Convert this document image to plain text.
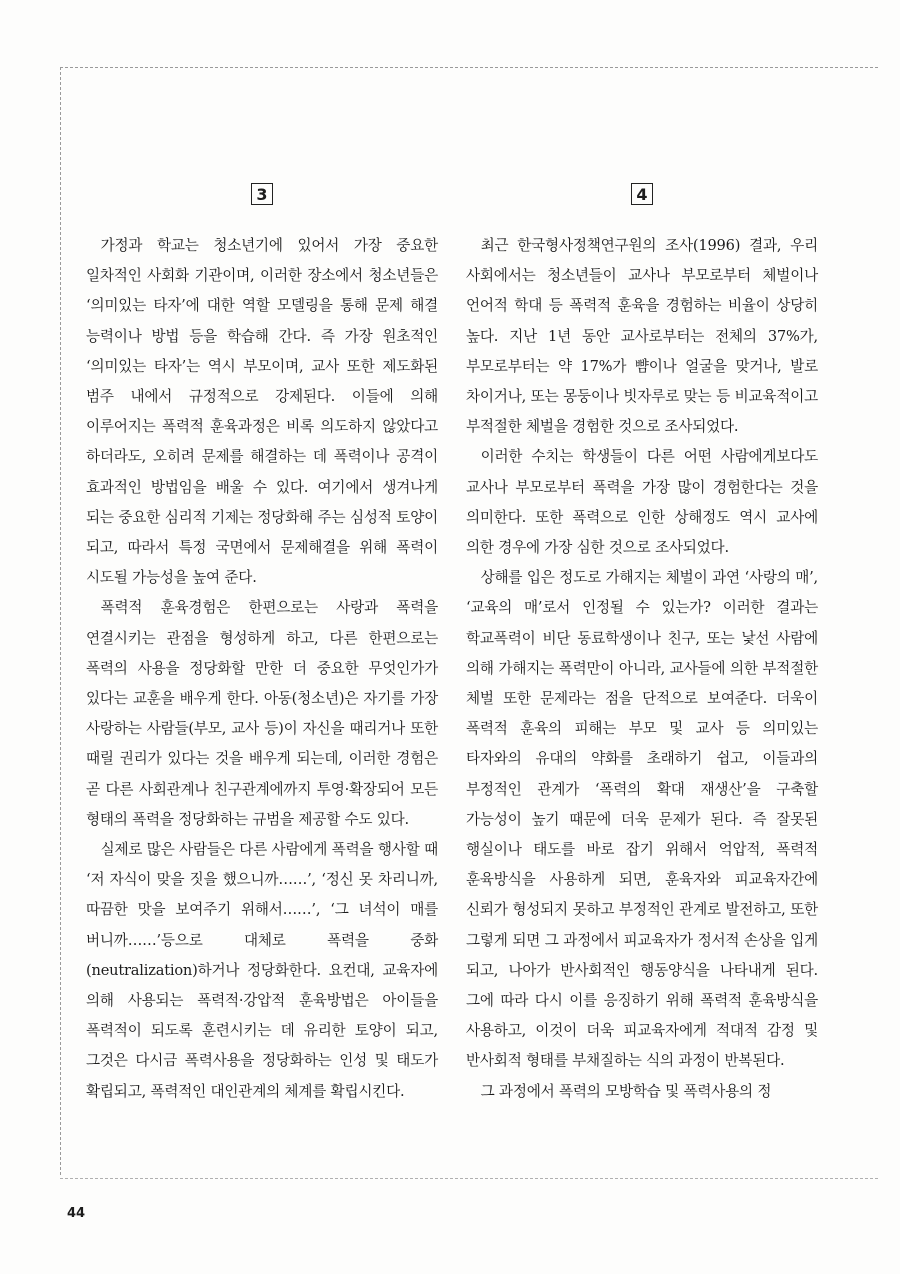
3

가정과 학교는 청소년기에 있어서 가장 중요한 일차적인 사회화 기관이며, 이러한 장소에서 청소년들은 ‘의미있는 타자’에 대한 역할 모델링을 통해 문제 해결 능력이나 방법 등을 학습해 간다. 즉 가장 원초적인 ‘의미있는 타자’는 역시 부모이며, 교사 또한 제도화된 범주 내에서 규정적으로 강제된다. 이들에 의해 이루어지는 폭력적 훈육과정은 비록 의도하지 않았다고 하더라도, 오히려 문제를 해결하는 데 폭력이나 공격이 효과적인 방법임을 배울 수 있다. 여기에서 생겨나게 되는 중요한 심리적 기제는 정당화해 주는 심성적 토양이 되고, 따라서 특정 국면에서 문제해결을 위해 폭력이 시도될 가능성을 높여 준다.

폭력적 훈육경험은 한편으로는 사랑과 폭력을 연결시키는 관점을 형성하게 하고, 다른 한편으로는 폭력의 사용을 정당화할 만한 더 중요한 무엇인가가 있다는 교훈을 배우게 한다. 아동(청소년)은 자기를 가장 사랑하는 사람들(부모, 교사 등)이 자신을 때리거나 또한 때릴 권리가 있다는 것을 배우게 되는데, 이러한 경험은 곧 다른 사회관계나 친구관계에까지 투영·확장되어 모든 형태의 폭력을 정당화하는 규범을 제공할 수도 있다.

실제로 많은 사람들은 다른 사람에게 폭력을 행사할 때 ‘저 자식이 맞을 짓을 했으니까……’, ‘정신 못 차리니까, 따끔한 맛을 보여주기 위해서……’, ‘그 녀석이 매를 버니까……’등으로 대체로 폭력을 중화(neutralization)하거나 정당화한다. 요컨대, 교육자에 의해 사용되는 폭력적·강압적 훈육방법은 아이들을 폭력적이 되도록 훈련시키는 데 유리한 토양이 되고, 그것은 다시금 폭력사용을 정당화하는 인성 및 태도가 확립되고, 폭력적인 대인관계의 체계를 확립시킨다.

4

최근 한국형사정책연구원의 조사(1996) 결과, 우리 사회에서는 청소년들이 교사나 부모로부터 체벌이나 언어적 학대 등 폭력적 훈육을 경험하는 비율이 상당히 높다. 지난 1년 동안 교사로부터는 전체의 37%가, 부모로부터는 약 17%가 뺨이나 얼굴을 맞거나, 발로 차이거나, 또는 몽둥이나 빗자루로 맞는 등 비교육적이고 부적절한 체벌을 경험한 것으로 조사되었다.

이러한 수치는 학생들이 다른 어떤 사람에게보다도 교사나 부모로부터 폭력을 가장 많이 경험한다는 것을 의미한다. 또한 폭력으로 인한 상해정도 역시 교사에 의한 경우에 가장 심한 것으로 조사되었다.

상해를 입은 정도로 가해지는 체벌이 과연 ‘사랑의 매’, ‘교육의 매’로서 인정될 수 있는가? 이러한 결과는 학교폭력이 비단 동료학생이나 친구, 또는 낯선 사람에 의해 가해지는 폭력만이 아니라, 교사들에 의한 부적절한 체벌 또한 문제라는 점을 단적으로 보여준다. 더욱이 폭력적 훈육의 피해는 부모 및 교사 등 의미있는 타자와의 유대의 약화를 초래하기 쉽고, 이들과의 부정적인 관계가 ‘폭력의 확대 재생산’을 구축할 가능성이 높기 때문에 더욱 문제가 된다. 즉 잘못된 행실이나 태도를 바로 잡기 위해서 억압적, 폭력적 훈육방식을 사용하게 되면, 훈육자와 피교육자간에 신뢰가 형성되지 못하고 부정적인 관계로 발전하고, 또한 그렇게 되면 그 과정에서 피교육자가 정서적 손상을 입게 되고, 나아가 반사회적인 행동양식을 나타내게 된다. 그에 따라 다시 이를 응징하기 위해 폭력적 훈육방식을 사용하고, 이것이 더욱 피교육자에게 적대적 감정 및 반사회적 형태를 부채질하는 식의 과정이 반복된다.

그 과정에서 폭력의 모방학습 및 폭력사용의 정

44
